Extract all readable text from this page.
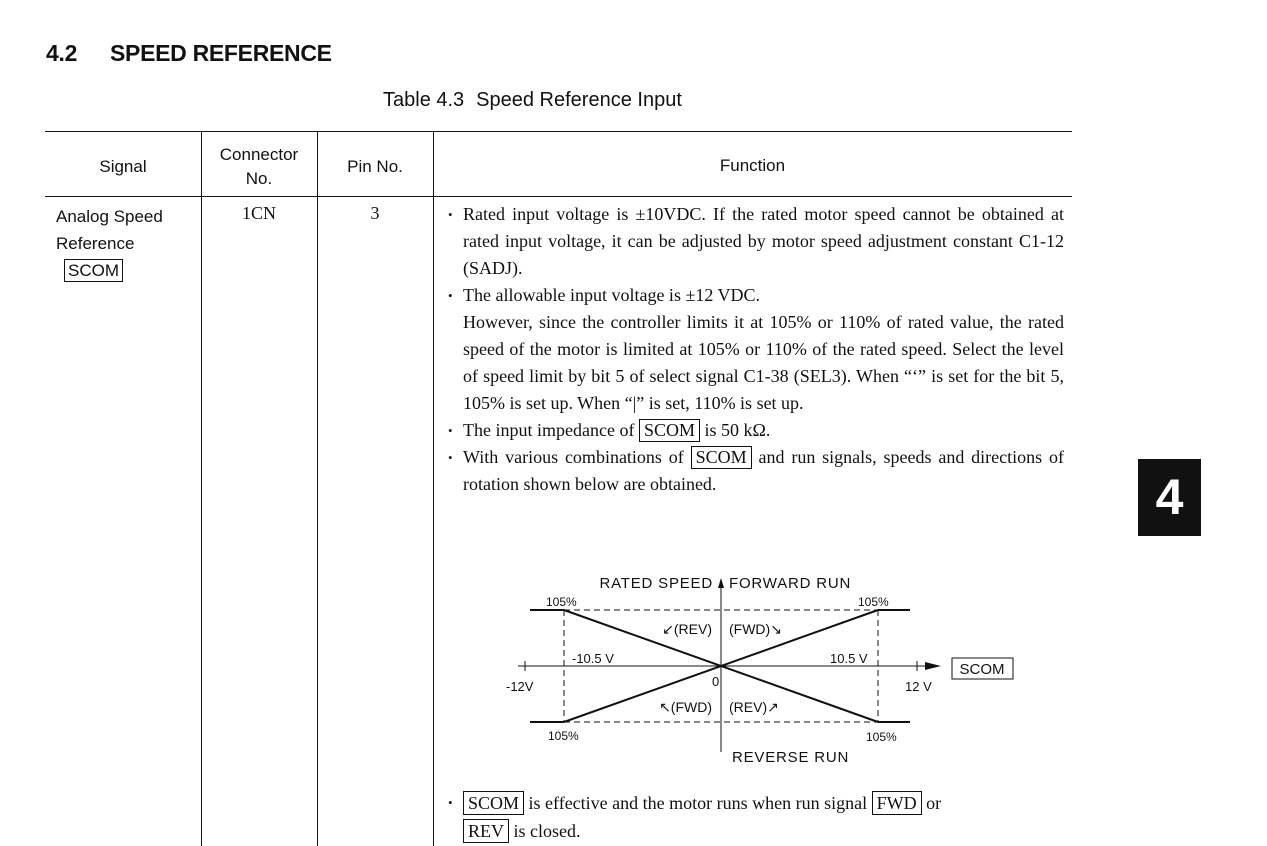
4.2 SPEED REFERENCE
Table 4.3 Speed Reference Input
Signal
Connector
No.
Pin No.	Function
Analog Speed
Reference
SCOM
1CN	3
•	Rated input voltage is ±10VDC. If the rated motor speed cannot be obtained at rated input voltage, it can be adjusted by motor speed adjustment constant C1-12 (SADJ).
• The allowable input voltage is ±12 VDC.
However, since the controller limits it at 105% or 110% of rated value, the rated speed of the motor is limited at 105% or 110% of the rated speed. Select the level of speed limit by bit 5 of select signal C1-38 (SEL3). When “‘” is set for the bit 5, 105% is set up. When “|” is set, 110% is set up.
• The input impedance of SCOM is 50 kΩ.
• With various combinations of SCOM and run signals, speeds and directions of rotation shown below are obtained.
RATED SPEED FORWARD RUN
REVERSE RUN
105%	105%
105%	105%
↙(REV) (FWD)↘
↖(FWD) (REV)↗
-10.5 V	10.5 V
-12V	12 V
0
SCOM
• SCOM is effective and the motor runs when run signal FWD or
REV is closed.
4
